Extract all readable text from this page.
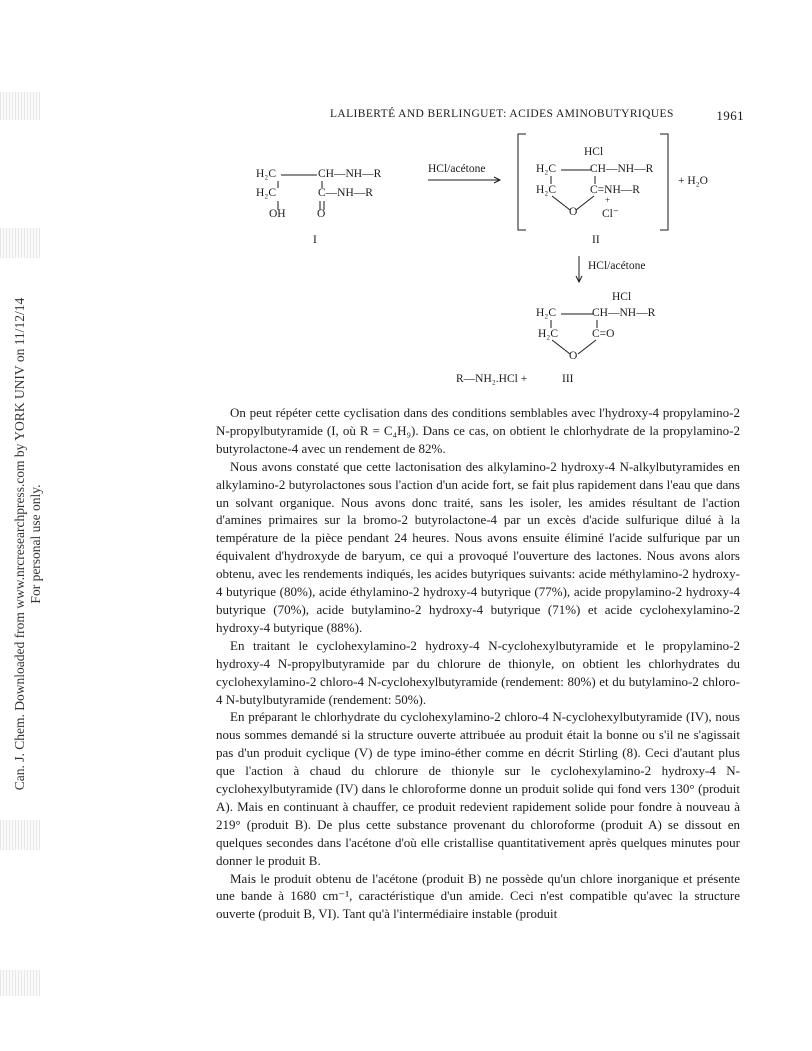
Can. J. Chem. Downloaded from www.nrcresearchpress.com by YORK UNIV on 11/12/14 For personal use only.
LALIBERTÉ AND BERLINGUET: ACIDES AMINOBUTYRIQUES	1961
H₂C	CH—NH—R
H₂C	C—NH—R
OH	O
I
HCl/acétone
HCl
H₂C	CH—NH—R
H₂C	C=NH—R
+
O Cl⁻
II
+ H₂O
HCl/acétone
HCl
H₂C	CH—NH—R
H₂C	C=O
O
R—NH₂.HCl +	III

On peut répéter cette cyclisation dans des conditions semblables avec l'hydroxy-4 propylamino-2 N-propylbutyramide (I, où R = C₄H₉). Dans ce cas, on obtient le chlorhydrate de la propylamino-2 butyrolactone-4 avec un rendement de 82%.

Nous avons constaté que cette lactonisation des alkylamino-2 hydroxy-4 N-alkylbutyramides en alkylamino-2 butyrolactones sous l'action d'un acide fort, se fait plus rapidement dans l'eau que dans un solvant organique. Nous avons donc traité, sans les isoler, les amides résultant de l'action d'amines primaires sur la bromo-2 butyrolactone-4 par un excès d'acide sulfurique dilué à la température de la pièce pendant 24 heures. Nous avons ensuite éliminé l'acide sulfurique par un équivalent d'hydroxyde de baryum, ce qui a provoqué l'ouverture des lactones. Nous avons alors obtenu, avec les rendements indiqués, les acides butyriques suivants: acide méthylamino-2 hydroxy-4 butyrique (80%), acide éthylamino-2 hydroxy-4 butyrique (77%), acide propylamino-2 hydroxy-4 butyrique (70%), acide butylamino-2 hydroxy-4 butyrique (71%) et acide cyclohexylamino-2 hydroxy-4 butyrique (88%).

En traitant le cyclohexylamino-2 hydroxy-4 N-cyclohexylbutyramide et le propylamino-2 hydroxy-4 N-propylbutyramide par du chlorure de thionyle, on obtient les chlorhydrates du cyclohexylamino-2 chloro-4 N-cyclohexylbutyramide (rendement: 80%) et du butylamino-2 chloro-4 N-butylbutyramide (rendement: 50%).

En préparant le chlorhydrate du cyclohexylamino-2 chloro-4 N-cyclohexylbutyramide (IV), nous nous sommes demandé si la structure ouverte attribuée au produit était la bonne ou s'il ne s'agissait pas d'un produit cyclique (V) de type imino-éther comme en décrit Stirling (8). Ceci d'autant plus que l'action à chaud du chlorure de thionyle sur le cyclohexylamino-2 hydroxy-4 N-cyclohexylbutyramide (IV) dans le chloroforme donne un produit solide qui fond vers 130° (produit A). Mais en continuant à chauffer, ce produit redevient rapidement solide pour fondre à nouveau à 219° (produit B). De plus cette substance provenant du chloroforme (produit A) se dissout en quelques secondes dans l'acétone d'où elle cristallise quantitativement après quelques minutes pour donner le produit B.

Mais le produit obtenu de l'acétone (produit B) ne possède qu'un chlore inorganique et présente une bande à 1680 cm⁻¹, caractéristique d'un amide. Ceci n'est compatible qu'avec la structure ouverte (produit B, VI). Tant qu'à l'intermédiaire instable (produit
